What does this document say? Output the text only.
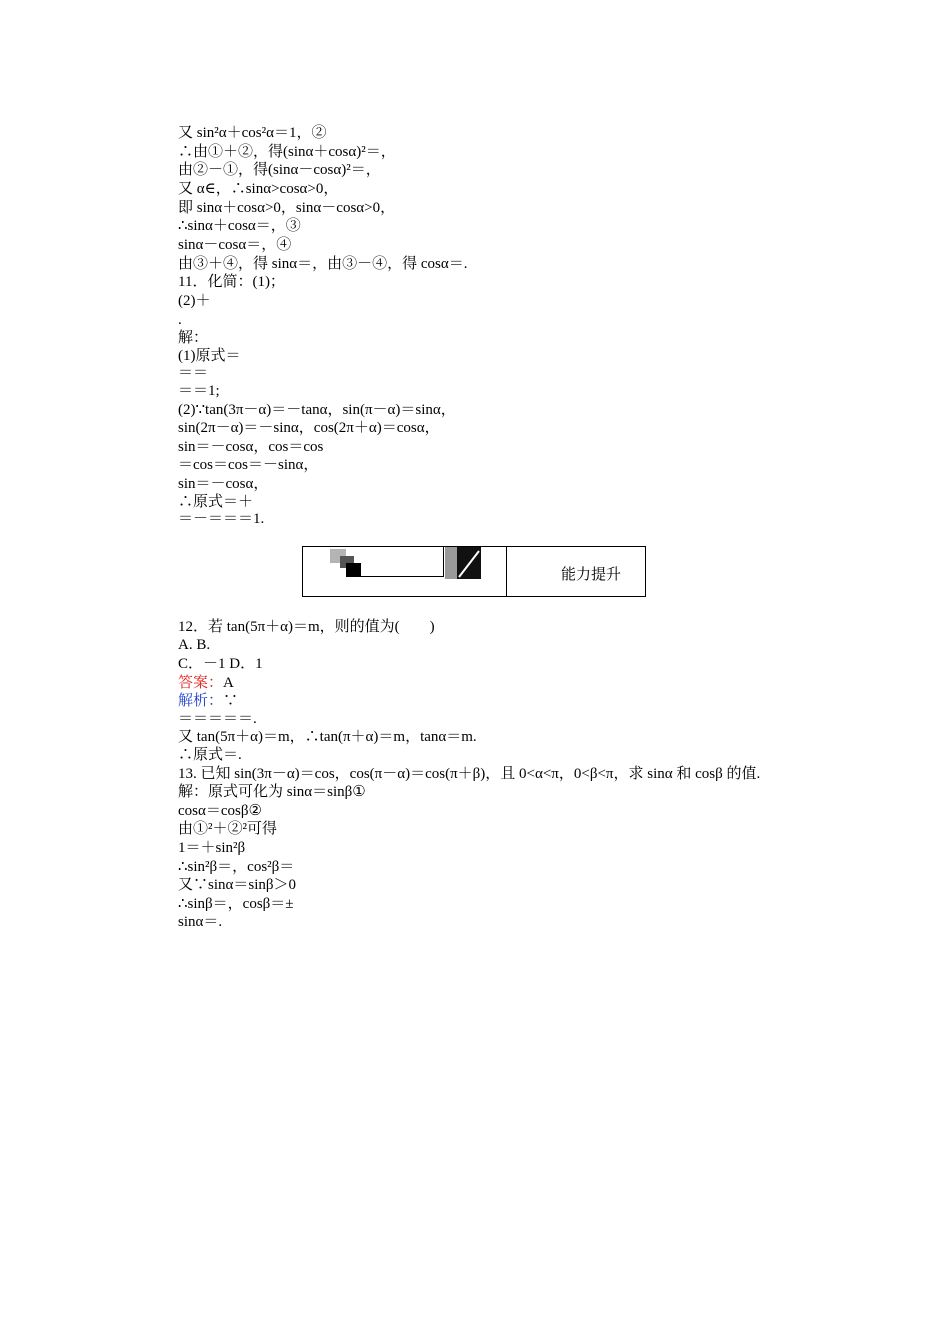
又 sin²α＋cos²α＝1，②
∴由①＋②，得(sinα＋cosα)²＝，
由②－①，得(sinα－cosα)²＝，
又 α∈，∴sinα>cosα>0，
即 sinα＋cosα>0，sinα－cosα>0，
∴sinα＋cosα＝，③
sinα－cosα＝，④
由③＋④，得 sinα＝，由③－④，得 cosα＝.
11．化简：(1)；
(2)＋
.
解：
(1)原式＝
＝＝
＝＝1;
(2)∵tan(3π－α)＝－tanα，sin(π－α)＝sinα，
sin(2π－α)＝－sinα，cos(2π＋α)＝cosα，
sin＝－cosα，cos＝cos
＝cos＝cos＝－sinα，
sin＝－cosα，
∴原式＝＋
＝－＝＝＝1.
能力提升
12．若 tan(5π＋α)＝m，则的值为(　　)
A. B.
C．－1 D．1
答案：A
解析：∵
＝＝＝＝＝.
又 tan(5π＋α)＝m，∴tan(π＋α)＝m，tanα＝m.
∴原式＝.
13. 已知 sin(3π－α)＝cos，cos(π－α)＝cos(π＋β)，且 0<α<π，0<β<π，求 sinα 和 cosβ 的值.
解：原式可化为 sinα＝sinβ①
cosα＝cosβ②
由①²＋②²可得
1＝＋sin²β
∴sin²β＝，cos²β＝
又∵sinα＝sinβ＞0
∴sinβ＝，cosβ＝±
sinα＝.
